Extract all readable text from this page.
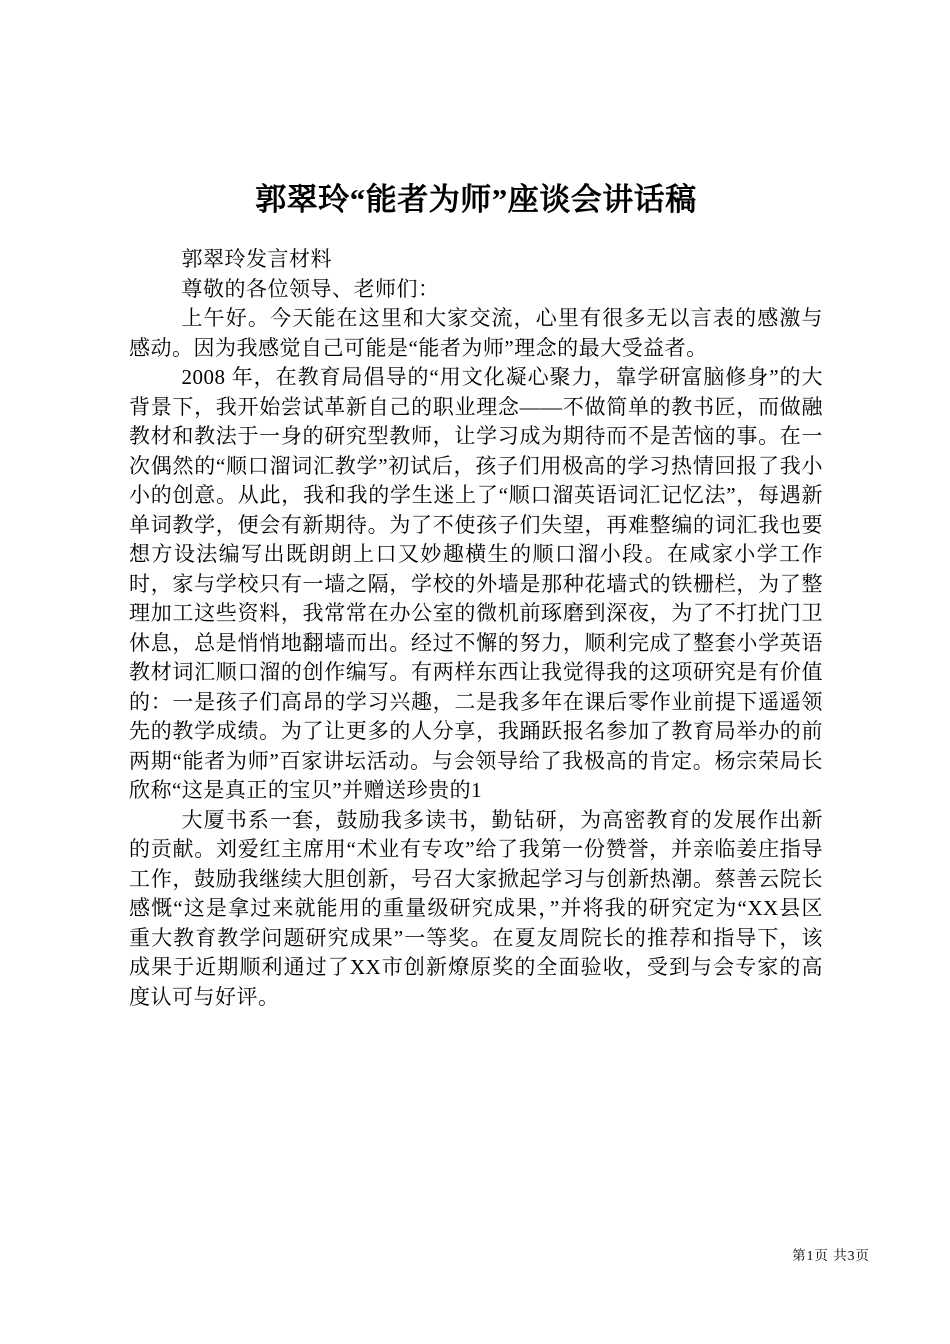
郭翠玲“能者为师”座谈会讲话稿

郭翠玲发言材料

尊敬的各位领导、老师们：

上午好。今天能在这里和大家交流，心里有很多无以言表的感激与感动。因为我感觉自己可能是“能者为师”理念的最大受益者。

2008 年，在教育局倡导的“用文化凝心聚力，靠学研富脑修身”的大背景下，我开始尝试革新自己的职业理念——不做简单的教书匠，而做融教材和教法于一身的研究型教师，让学习成为期待而不是苦恼的事。在一次偶然的“顺口溜词汇教学”初试后，孩子们用极高的学习热情回报了我小小的创意。从此，我和我的学生迷上了“顺口溜英语词汇记忆法”，每遇新单词教学，便会有新期待。为了不使孩子们失望，再难整编的词汇我也要想方设法编写出既朗朗上口又妙趣横生的顺口溜小段。在咸家小学工作时，家与学校只有一墙之隔，学校的外墙是那种花墙式的铁栅栏，为了整理加工这些资料，我常常在办公室的微机前琢磨到深夜，为了不打扰门卫休息，总是悄悄地翻墙而出。经过不懈的努力，顺利完成了整套小学英语教材词汇顺口溜的创作编写。有两样东西让我觉得我的这项研究是有价值的：一是孩子们高昂的学习兴趣，二是我多年在课后零作业前提下遥遥领先的教学成绩。为了让更多的人分享，我踊跃报名参加了教育局举办的前两期“能者为师”百家讲坛活动。与会领导给了我极高的肯定。杨宗荣局长欣称“这是真正的宝贝”并赠送珍贵的1

大厦书系一套，鼓励我多读书，勤钻研，为高密教育的发展作出新的贡献。刘爱红主席用“术业有专攻”给了我第一份赞誉，并亲临姜庄指导工作，鼓励我继续大胆创新，号召大家掀起学习与创新热潮。蔡善云院长感慨“这是拿过来就能用的重量级研究成果，”并将我的研究定为“XX县区重大教育教学问题研究成果”一等奖。在夏友周院长的推荐和指导下，该成果于近期顺利通过了XX市创新燎原奖的全面验收，受到与会专家的高度认可与好评。

第1页 共3页
